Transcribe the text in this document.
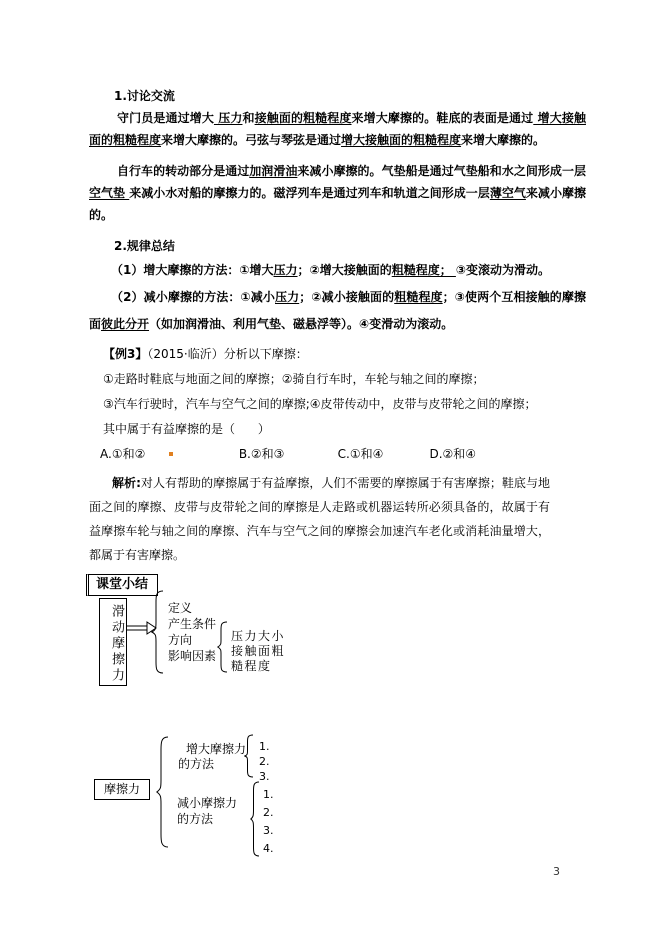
1.讨论交流

守门员是通过增大 压力和接触面的粗糙程度来增大摩擦的。鞋底的表面是通过 增大接触面的粗糙程度来增大摩擦的。弓弦与琴弦是通过增大接触面的粗糙程度来增大摩擦的。

自行车的转动部分是通过加润滑油来减小摩擦的。气垫船是通过气垫船和水之间形成一层 空气垫 来减小水对船的摩擦力的。磁浮列车是通过列车和轨道之间形成一层薄空气来减小摩擦的。

2.规律总结

（1）增大摩擦的方法：①增大压力；②增大接触面的粗糙程度； ③变滚动为滑动。

（2）减小摩擦的方法：①减小压力；②减小接触面的粗糙程度；③使两个互相接触的摩擦面彼此分开（如加润滑油、利用气垫、磁悬浮等）。④变滑动为滚动。

【例3】（2015·临沂）分析以下摩擦：

①走路时鞋底与地面之间的摩擦；②骑自行车时，车轮与轴之间的摩擦；

③汽车行驶时，汽车与空气之间的摩擦;④皮带传动中，皮带与皮带轮之间的摩擦；

其中属于有益摩擦的是（      ）

A.①和②	B.②和③	C.①和④	D.②和④

解析:对人有帮助的摩擦属于有益摩擦，人们不需要的摩擦属于有害摩擦；鞋底与地面之间的摩擦、皮带与皮带轮之间的摩擦是人走路或机器运转所必须具备的，故属于有益摩擦车轮与轴之间的摩擦、汽车与空气之间的摩擦会加速汽车老化或消耗油量增大，都属于有害摩擦。

课堂小结
滑动摩擦力	定义
产生条件
方向
影响因素
压力大小
接触面粗
糙程度
摩擦力
增大摩擦力
的方法
1.
2.
3.
减小摩擦力
的方法
1.
2.
3.
4.
3
